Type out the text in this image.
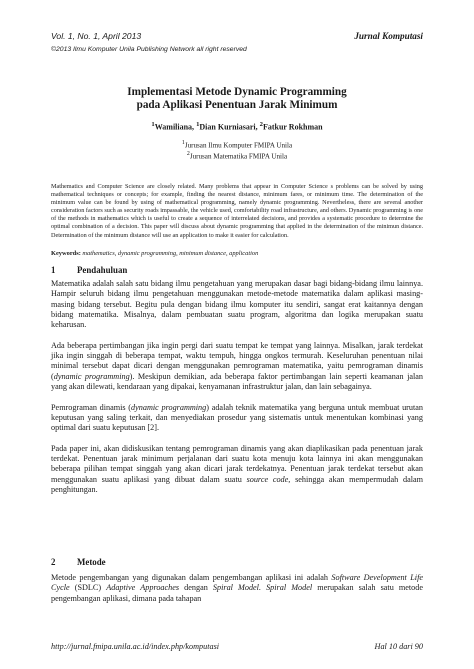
Vol. 1, No. 1, April 2013	Jurnal Komputasi
©2013 Ilmu Komputer Unila Publishing Network all right reserved
Implementasi Metode Dynamic Programming
pada Aplikasi Penentuan Jarak Minimum
$^1$Wamiliana, $^1$Dian Kurniasari, $^2$Fatkur Rokhman
$^1$Jurusan Ilmu Komputer FMIPA Unila
$^2$Jurusan Matematika FMIPA Unila
Mathematics and Computer Science are closely related. Many problems that appear in Computer Science s problems can be solved by using mathematical techniques or concepts; for example, finding the nearest distance, minimum fares, or minimum time. The determination of the minimum value can be found by using of mathematical programming, namely dynamic programming. Nevertheless, there are several another consideration factors such as security roads impassable, the vehicle used, comfortability road infrastructure, and others. Dynamic programming is one of the methods in mathematics which is useful to create a sequence of interrelated decisions, and provides a systematic procedure to determine the optimal combination of a decision. This paper will discuss about dynamic programming that applied in the determination of the minimun distance. Determination of the minimum distance will use an application to make it easier for calculation.
Keywords: mathematics, dynamic programming, minimum distance, application
1 Pendahuluan

Matematika adalah salah satu bidang ilmu pengetahuan yang merupakan dasar bagi bidang-bidang ilmu lainnya. Hampir seluruh bidang ilmu pengetahuan menggunakan metode-metode matematika dalam aplikasi masing-masing bidang tersebut. Begitu pula dengan bidang ilmu komputer itu sendiri, sangat erat kaitannya dengan bidang matematika. Misalnya, dalam pembuatan suatu program, algoritma dan logika merupakan suatu keharusan.

Ada beberapa pertimbangan jika ingin pergi dari suatu tempat ke tempat yang lainnya. Misalkan, jarak terdekat jika ingin singgah di beberapa tempat, waktu tempuh, hingga ongkos termurah. Keseluruhan penentuan nilai minimal tersebut dapat dicari dengan menggunakan pemrograman matematika, yaitu pemrograman dinamis (dynamic programming). Meskipun demikian, ada beberapa faktor pertimbangan lain seperti keamanan jalan yang akan dilewati, kendaraan yang dipakai, kenyamanan infrastruktur jalan, dan lain sebagainya.

Pemrograman dinamis (dynamic programming) adalah teknik matematika yang berguna untuk membuat urutan keputusan yang saling terkait, dan menyediakan prosedur yang sistematis untuk menentukan kombinasi yang optimal dari suatu keputusan [2].

Pada paper ini, akan didiskusikan tentang pemrograman dinamis yang akan diaplikasikan pada penentuan jarak terdekat. Penentuan jarak minimum perjalanan dari suatu kota menuju kota lainnya ini akan menggunakan beberapa pilihan tempat singgah yang akan dicari jarak terdekatnya. Penentuan jarak terdekat tersebut akan menggunakan suatu aplikasi yang dibuat dalam suatu source code, sehingga akan mempermudah dalam penghitungan.

2 Metode

Metode pengembangan yang digunakan dalam pengembangan aplikasi ini adalah Software Development Life Cycle (SDLC) Adaptive Approaches dengan Spiral Model. Spiral Model merupakan salah satu metode pengembangan aplikasi, dimana pada tahapan

http://jurnal.fmipa.unila.ac.id/index.php/komputasi	Hal 10 dari 90
